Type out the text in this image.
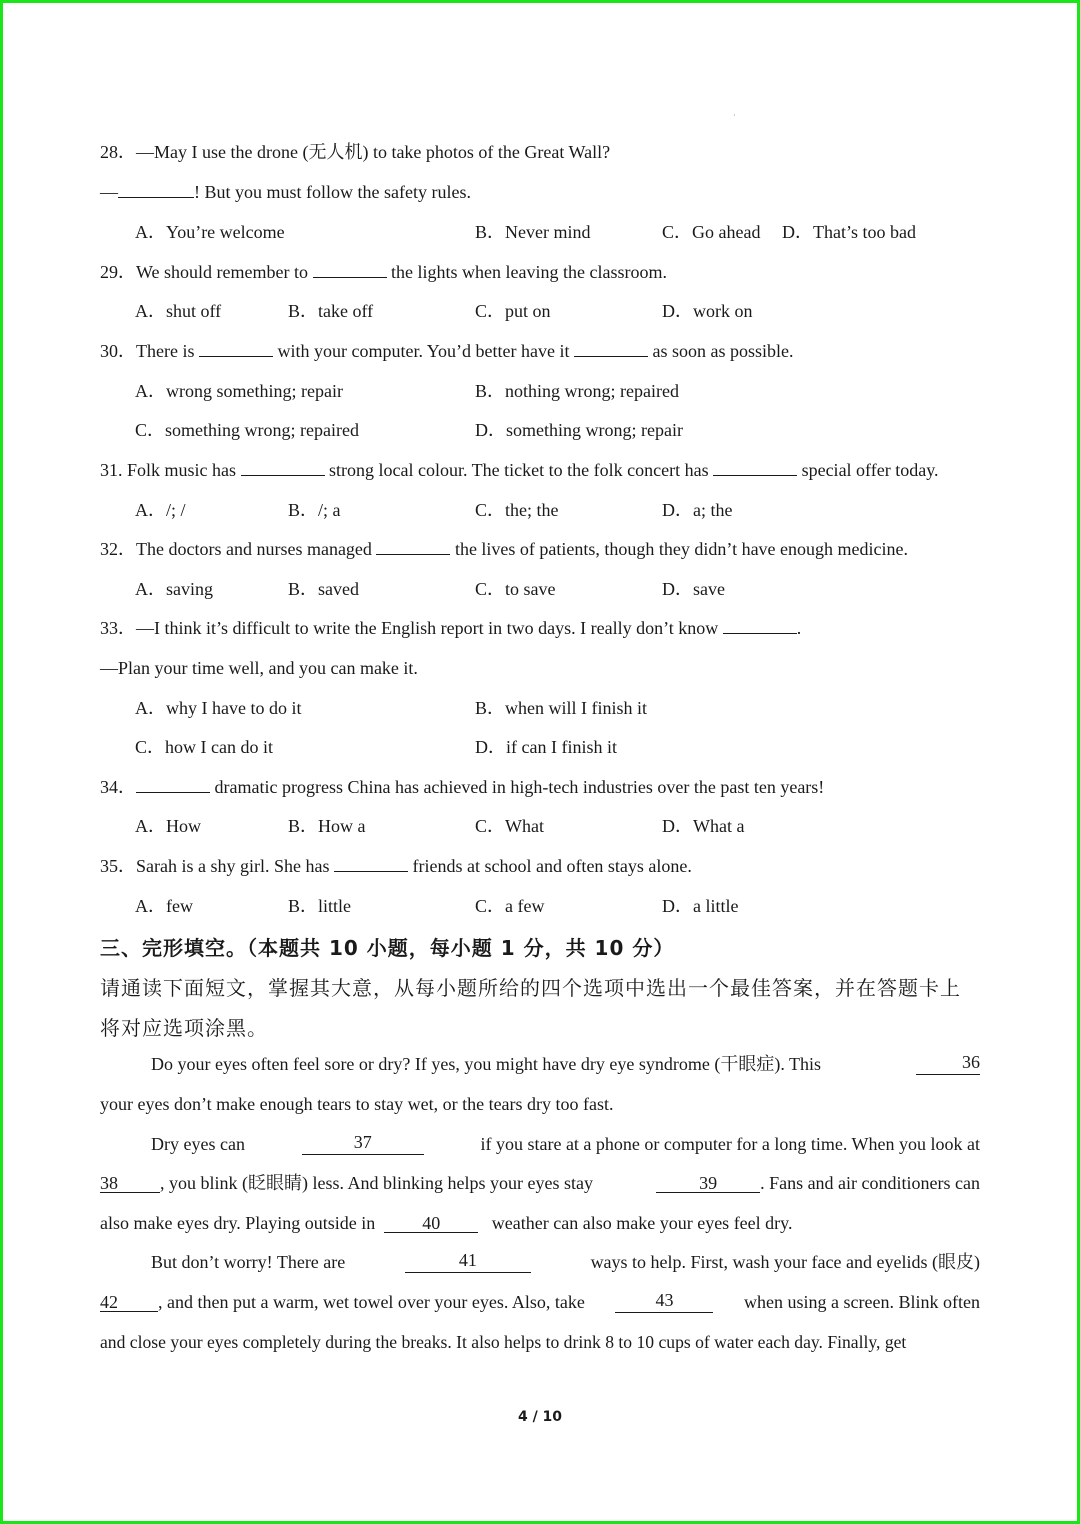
·
28．—May I use the drone (无人机) to take photos of the Great Wall?
—	! But you must follow the safety rules.
A．You’re welcome	B．Never mind	C．Go ahead D．That’s too bad
29．We should remember to	the lights when leaving the classroom.
A．shut off	B．take off	C．put on	D．work on
30．There is	with your computer. You’d better have it	as soon as possible.
A．wrong something; repair	B．nothing wrong; repaired
C．something wrong; repaired	D．something wrong; repair
31. Folk music has	strong local colour. The ticket to the folk concert has	special offer today.
A．/; /	B．/; a	C．the; the	D．a; the
32．The doctors and nurses managed	the lives of patients, though they didn’t have enough medicine.
A．saving	B．saved	C．to save	D．save
33．—I think it’s difficult to write the English report in two days. I really don’t know	.
—Plan your time well, and you can make it.
A．why I have to do it	B．when will I finish it
C．how I can do it	D．if can I finish it
34．	dramatic progress China has achieved in high-tech industries over the past ten years!
A．How	B．How a	C．What	D．What a
35．Sarah is a shy girl. She has	friends at school and often stays alone.
A．few	B．little	C．a few	D．a little
三、完形填空。（本题共 10 小题，每小题 1 分，共 10 分）
请通读下面短文，掌握其大意，从每小题所给的四个选项中选出一个最佳答案，并在答题卡上
将对应选项涂黑。
Do your eyes often feel sore or dry? If yes, you might have dry eye syndrome (干眼症). This	36
your eyes don’t make enough tears to stay wet, or the tears dry too fast.
Dry eyes can	37	if you stare at a phone or computer for a long time. When you look at
38 , you blink (眨眼睛) less. And blinking helps your eyes stay	39 . Fans and air conditioners can
also make eyes dry. Playing outside in	40	weather can also make your eyes feel dry.
But don’t worry! There are	41	ways to help. First, wash your face and eyelids (眼皮)
42 , and then put a warm, wet towel over your eyes. Also, take	43	when using a screen. Blink often
and close your eyes completely during the breaks. It also helps to drink 8 to 10 cups of water each day. Finally, get
4 / 10
